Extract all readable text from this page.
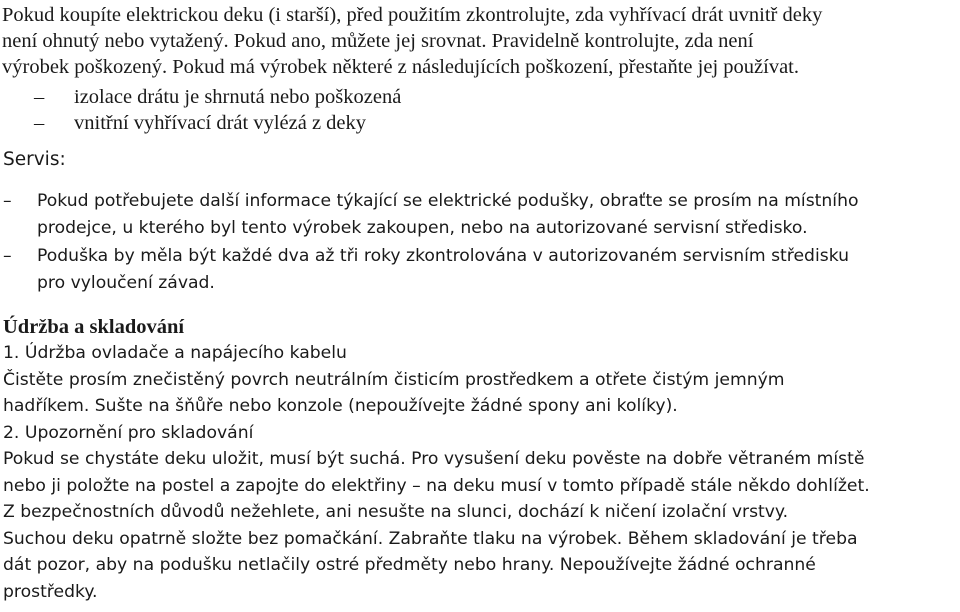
Pokud koupíte elektrickou deku (i starší), před použitím zkontrolujte, zda vyhřívací drát uvnitř deky
není ohnutý nebo vytažený. Pokud ano, můžete jej srovnat. Pravidelně kontrolujte, zda není
výrobek poškozený. Pokud má výrobek některé z následujících poškození, přestaňte jej používat.
– izolace drátu je shrnutá nebo poškozená
– vnitřní vyhřívací drát vylézá z deky
Servis:
–	Pokud potřebujete další informace týkající se elektrické podušky, obraťte se prosím na místního
prodejce, u kterého byl tento výrobek zakoupen, nebo na autorizované servisní středisko.
–	Poduška by měla být každé dva až tři roky zkontrolována v autorizovaném servisním středisku
pro vyloučení závad.
Údržba a skladování
1. Údržba ovladače a napájecího kabelu
Čistěte prosím znečistěný povrch neutrálním čisticím prostředkem a otřete čistým jemným
hadříkem. Sušte na šňůře nebo konzole (nepoužívejte žádné spony ani kolíky).
2. Upozornění pro skladování
Pokud se chystáte deku uložit, musí být suchá. Pro vysušení deku pověste na dobře větraném místě
nebo ji položte na postel a zapojte do elektřiny – na deku musí v tomto případě stále někdo dohlížet.
Z bezpečnostních důvodů nežehlete, ani nesušte na slunci, dochází k ničení izolační vrstvy.
Suchou deku opatrně složte bez pomačkání. Zabraňte tlaku na výrobek. Během skladování je třeba
dát pozor, aby na podušku netlačily ostré předměty nebo hrany. Nepoužívejte žádné ochranné
prostředky.
